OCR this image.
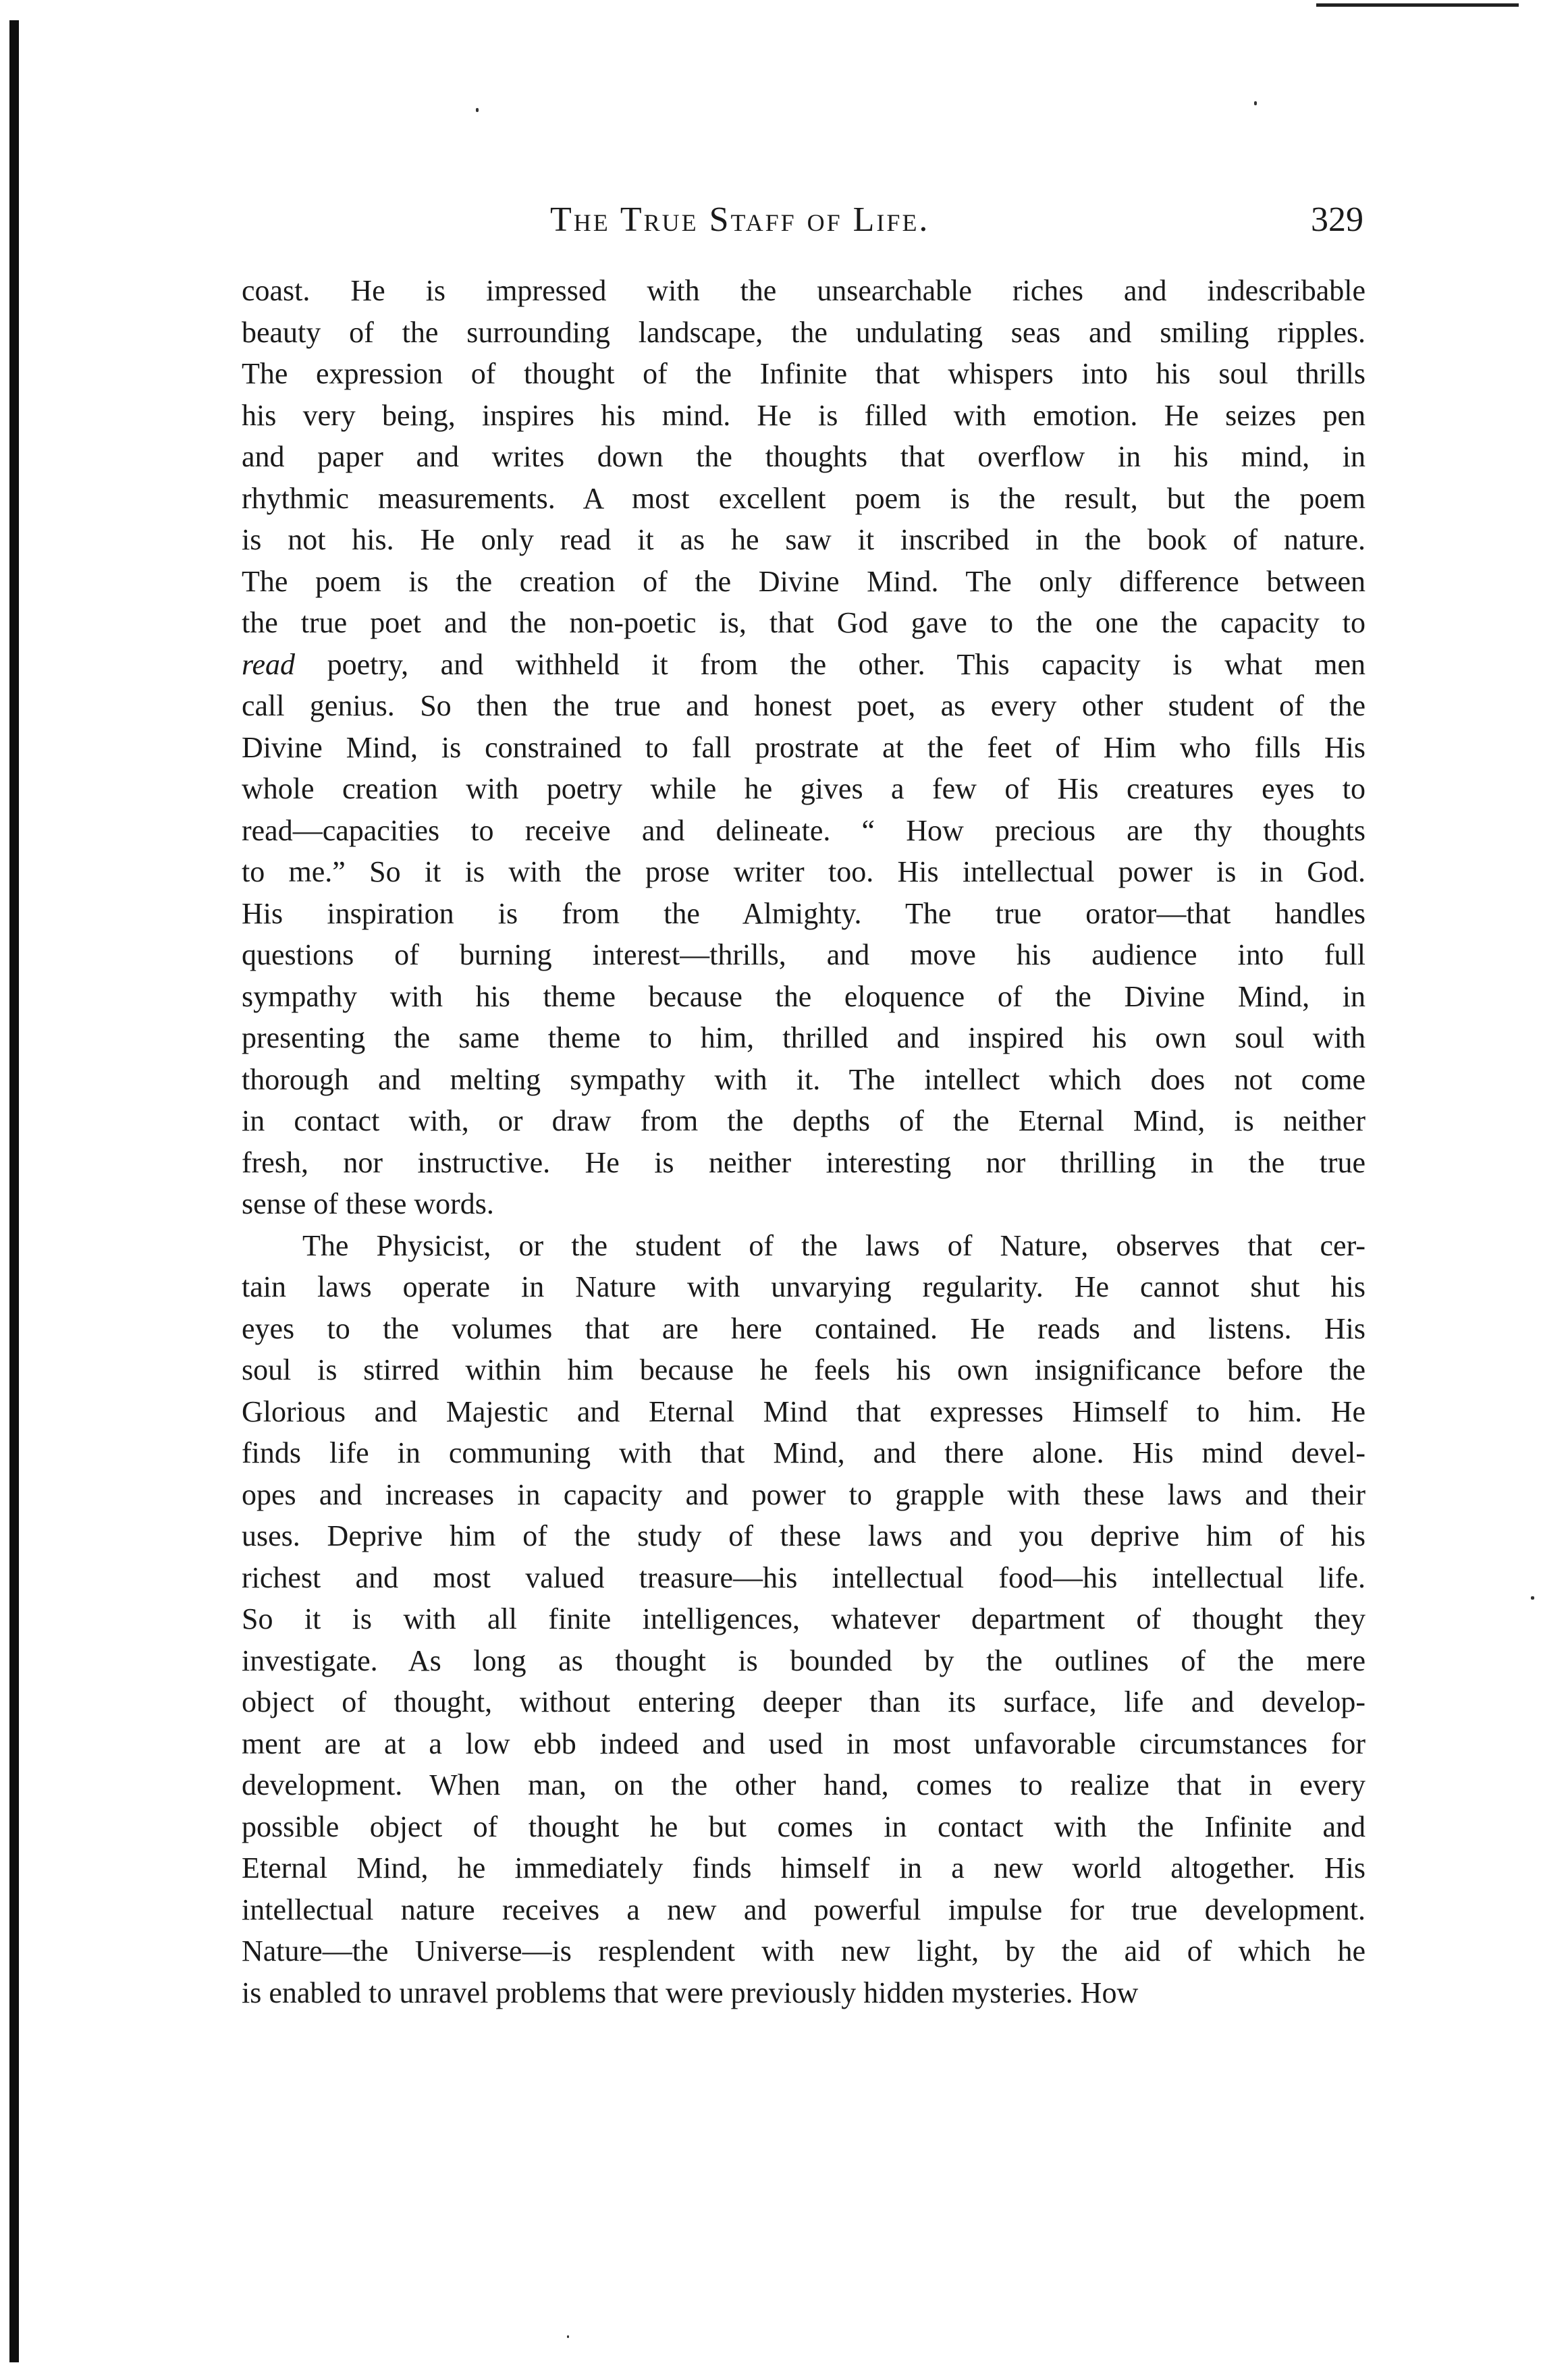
The True Staff of Life.	329
coast. He is impressed with the unsearchable riches and indescribable
beauty of the surrounding landscape, the undulating seas and smiling ripples.
The expression of thought of the Infinite that whispers into his soul thrills
his very being, inspires his mind. He is filled with emotion. He seizes pen
and paper and writes down the thoughts that overflow in his mind, in
rhythmic measurements. A most excellent poem is the result, but the poem
is not his. He only read it as he saw it inscribed in the book of nature.
The poem is the creation of the Divine Mind. The only difference between
the true poet and the non-poetic is, that God gave to the one the capacity to
read poetry, and withheld it from the other. This capacity is what men
call genius. So then the true and honest poet, as every other student of the
Divine Mind, is constrained to fall prostrate at the feet of Him who fills His
whole creation with poetry while he gives a few of His creatures eyes to
read—capacities to receive and delineate. “ How precious are thy thoughts
to me.” So it is with the prose writer too. His intellectual power is in God.
His inspiration is from the Almighty. The true orator—that handles
questions of burning interest—thrills, and move his audience into full
sympathy with his theme because the eloquence of the Divine Mind, in
presenting the same theme to him, thrilled and inspired his own soul with
thorough and melting sympathy with it. The intellect which does not come
in contact with, or draw from the depths of the Eternal Mind, is neither
fresh, nor instructive. He is neither interesting nor thrilling in the true
sense of these words.
The Physicist, or the student of the laws of Nature, observes that cer-
tain laws operate in Nature with unvarying regularity. He cannot shut his
eyes to the volumes that are here contained. He reads and listens. His
soul is stirred within him because he feels his own insignificance before the
Glorious and Majestic and Eternal Mind that expresses Himself to him. He
finds life in communing with that Mind, and there alone. His mind devel-
opes and increases in capacity and power to grapple with these laws and their
uses. Deprive him of the study of these laws and you deprive him of his
richest and most valued treasure—his intellectual food—his intellectual life.
So it is with all finite intelligences, whatever department of thought they
investigate. As long as thought is bounded by the outlines of the mere
object of thought, without entering deeper than its surface, life and develop-
ment are at a low ebb indeed and used in most unfavorable circumstances for
development. When man, on the other hand, comes to realize that in every
possible object of thought he but comes in contact with the Infinite and
Eternal Mind, he immediately finds himself in a new world altogether. His
intellectual nature receives a new and powerful impulse for true development.
Nature—the Universe—is resplendent with new light, by the aid of which he
is enabled to unravel problems that were previously hidden mysteries. How
